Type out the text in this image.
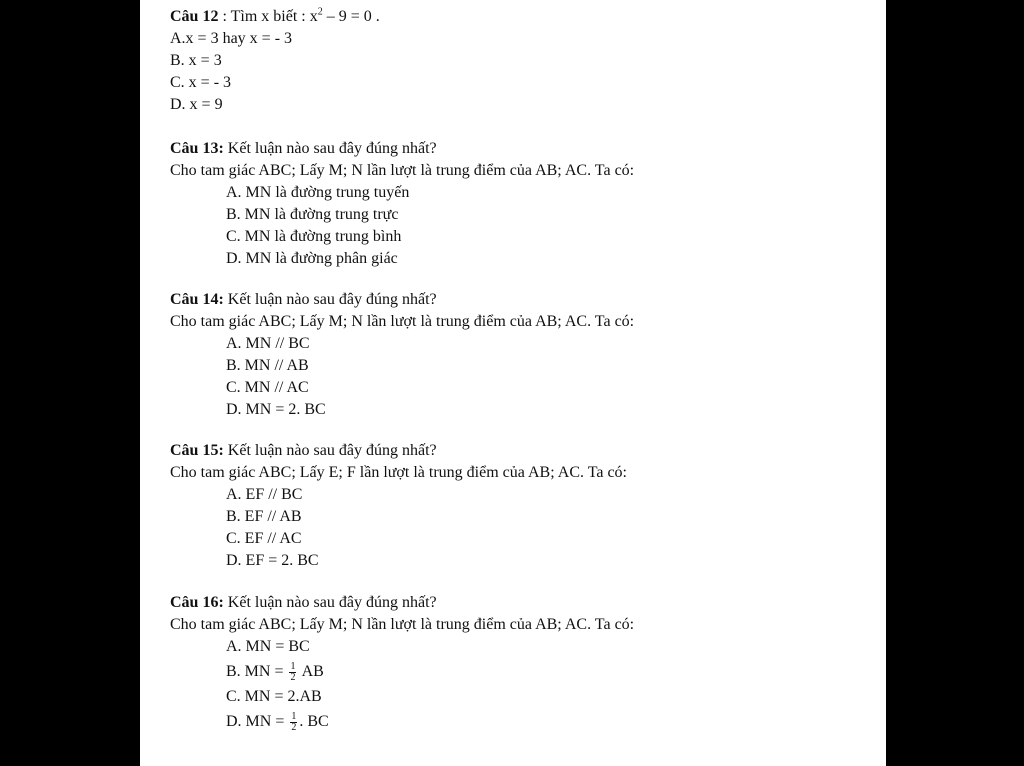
Câu 12 : Tìm x biết : $x^2 - 9 = 0$ .
A.x = 3 hay x = - 3
B. x = 3
C. x = - 3
D. x = 9
Câu 13: Kết luận nào sau đây đúng nhất?
Cho tam giác ABC; Lấy M; N lần lượt là trung điểm của AB; AC. Ta có:
A. MN là đường trung tuyến
B. MN là đường trung trực
C. MN là đường trung bình
D. MN là đường phân giác
Câu 14: Kết luận nào sau đây đúng nhất?
Cho tam giác ABC; Lấy M; N lần lượt là trung điểm của AB; AC. Ta có:
A. MN // BC
B. MN // AB
C. MN // AC
D. MN = 2. BC
Câu 15: Kết luận nào sau đây đúng nhất?
Cho tam giác ABC; Lấy E; F lần lượt là trung điểm của AB; AC. Ta có:
A. EF // BC
B. EF // AB
C. EF // AC
D. EF = 2. BC
Câu 16: Kết luận nào sau đây đúng nhất?
Cho tam giác ABC; Lấy M; N lần lượt là trung điểm của AB; AC. Ta có:
A. MN = BC
B. MN = $\frac{1}{2}$ AB
C. MN = 2.AB
D. MN = $\frac{1}{2}$ . BC
